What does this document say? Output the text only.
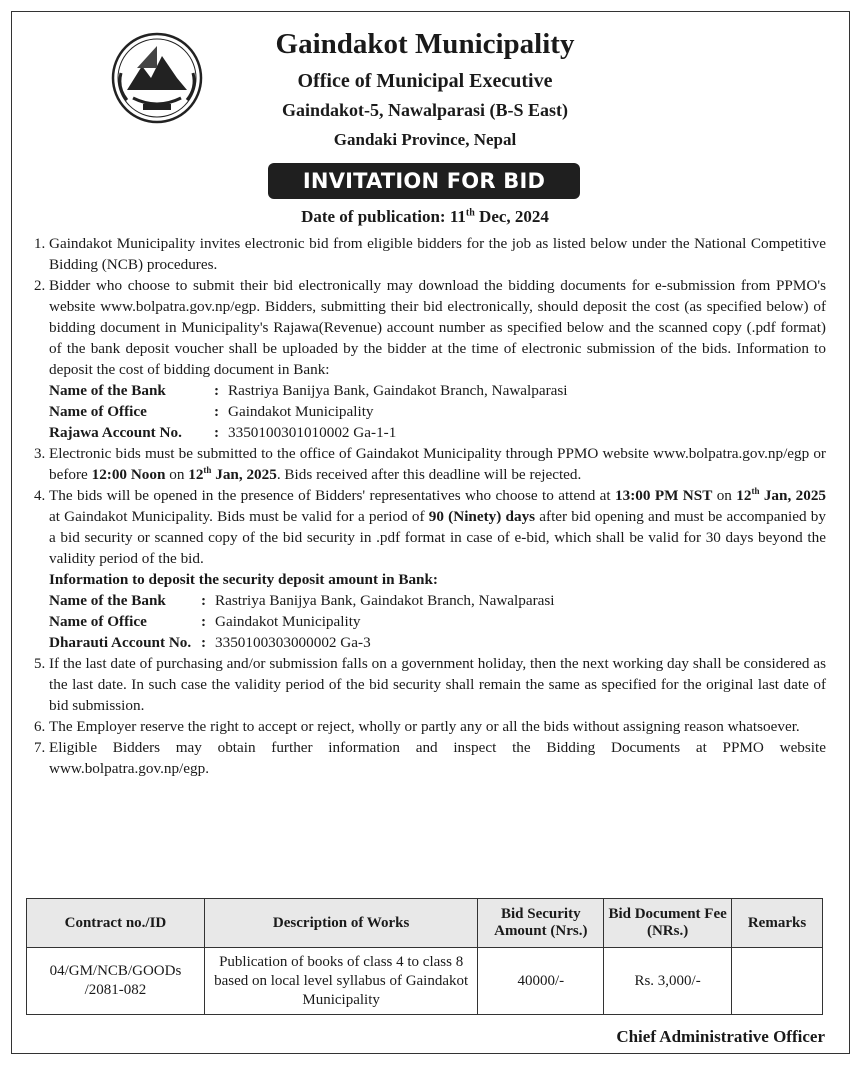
Gaindakot Municipality
Office of Municipal Executive
Gaindakot-5, Nawalparasi (B-S East)
Gandaki Province, Nepal
INVITATION FOR BID
Date of publication: 11th Dec, 2024
1. Gaindakot Municipality invites electronic bid from eligible bidders for the job as listed below under the National Competitive Bidding (NCB) procedures.
2. Bidder who choose to submit their bid electronically may download the bidding documents for e-submission from PPMO's website www.bolpatra.gov.np/egp. Bidders, submitting their bid electronically, should deposit the cost (as specified below) of bidding document in Municipality's Rajawa(Revenue) account number as specified below and the scanned copy (.pdf format) of the bank deposit voucher shall be uploaded by the bidder at the time of electronic submission of the bids. Information to deposit the cost of bidding document in Bank:
Name of the Bank	: Rastriya Banijya Bank, Gaindakot Branch, Nawalparasi
Name of Office	: Gaindakot Municipality
Rajawa Account No.	: 3350100301010002 Ga-1-1
3. Electronic bids must be submitted to the office of Gaindakot Municipality through PPMO website www.bolpatra.gov.np/egp or before 12:00 Noon on 12th Jan, 2025. Bids received after this deadline will be rejected.
4. The bids will be opened in the presence of Bidders' representatives who choose to attend at 13:00 PM NST on 12th Jan, 2025 at Gaindakot Municipality. Bids must be valid for a period of 90 (Ninety) days after bid opening and must be accompanied by a bid security or scanned copy of the bid security in .pdf format in case of e-bid, which shall be valid for 30 days beyond the validity period of the bid.
Information to deposit the security deposit amount in Bank:
Name of the Bank	: Rastriya Banijya Bank, Gaindakot Branch, Nawalparasi
Name of Office	: Gaindakot Municipality
Dharauti Account No. : 3350100303000002 Ga-3
5. If the last date of purchasing and/or submission falls on a government holiday, then the next working day shall be considered as the last date. In such case the validity period of the bid security shall remain the same as specified for the original last date of bid submission.
6. The Employer reserve the right to accept or reject, wholly or partly any or all the bids without assigning reason whatsoever.
7. Eligible Bidders may obtain further information and inspect the Bidding Documents at PPMO website www.bolpatra.gov.np/egp.
Contract no./ID	Description of Works	Bid Security Amount (Nrs.)	Bid Document Fee (NRs.)	Remarks
04/GM/NCB/GOODs /2081-082	Publication of books of class 4 to class 8 based on local level syllabus of Gaindakot Municipality	40000/-	Rs. 3,000/-	
Chief Administrative Officer
